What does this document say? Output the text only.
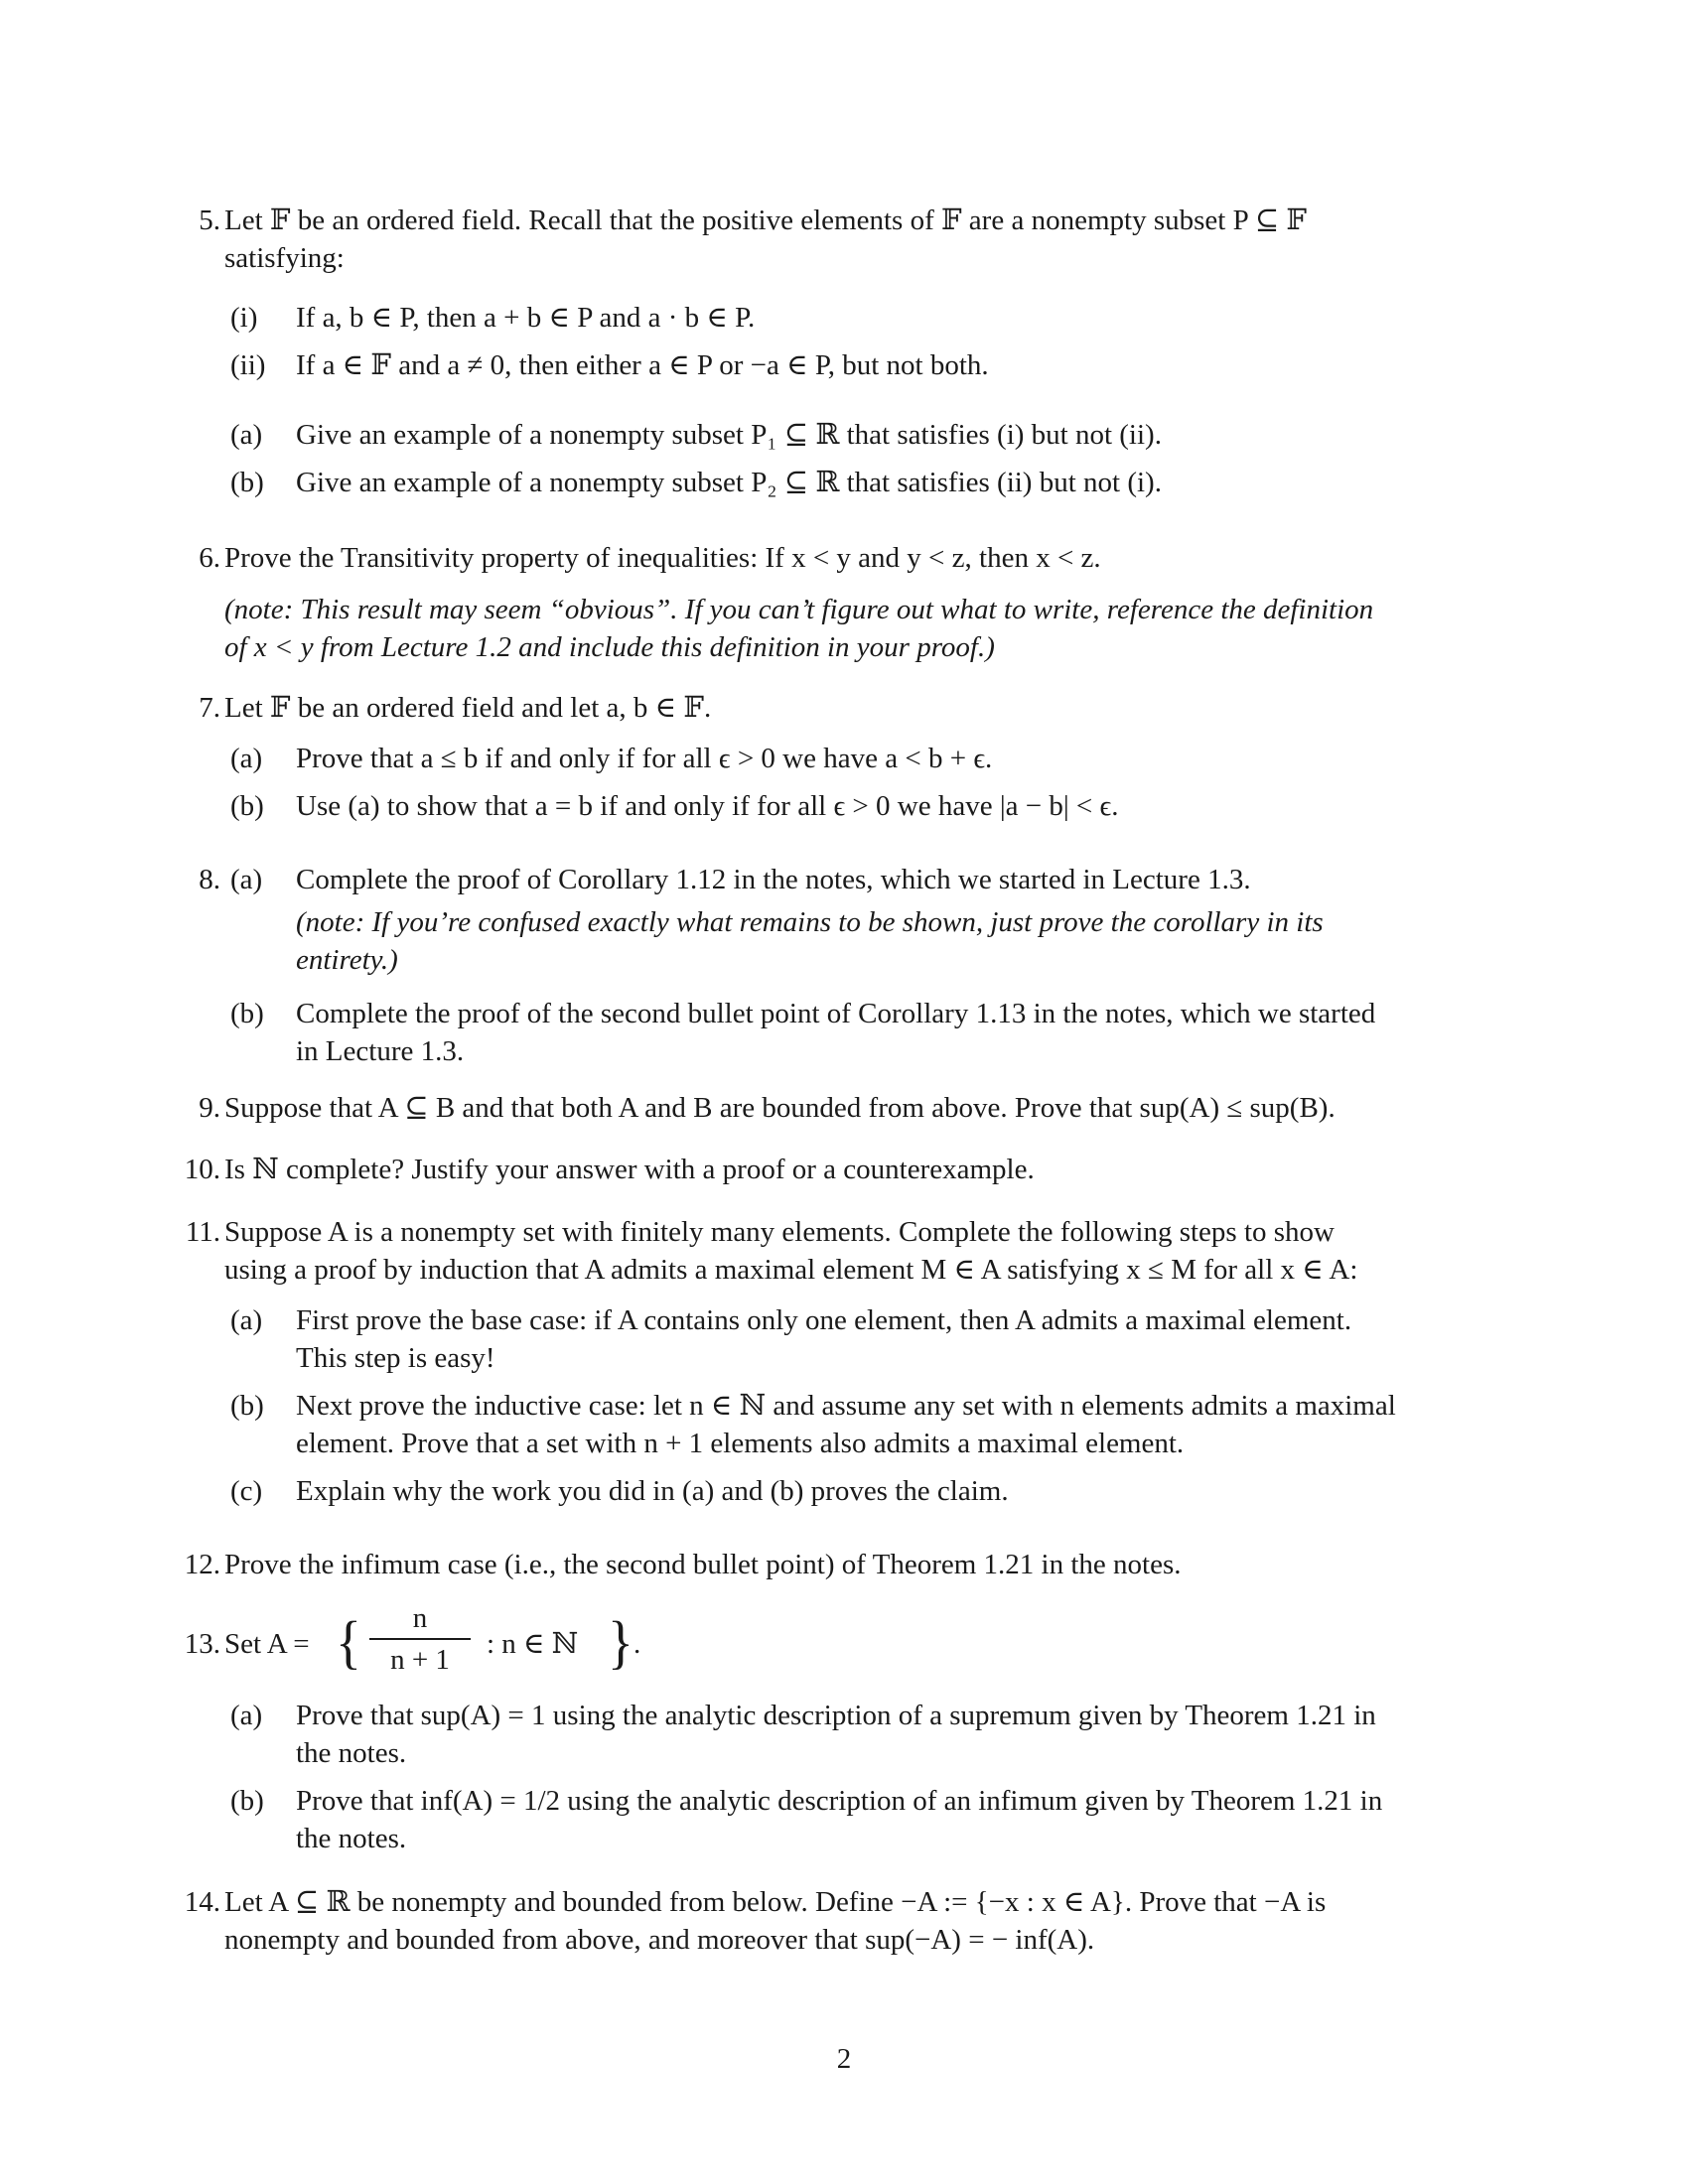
5. Let 𝔽 be an ordered field. Recall that the positive elements of 𝔽 are a nonempty subset P ⊆ 𝔽

satisfying:

(i)	If a, b ∈ P, then a + b ∈ P and a · b ∈ P.

(ii)	If a ∈ 𝔽 and a ≠ 0, then either a ∈ P or −a ∈ P, but not both.

(a)	Give an example of a nonempty subset P₁ ⊆ ℝ that satisfies (i) but not (ii).

(b)	Give an example of a nonempty subset P₂ ⊆ ℝ that satisfies (ii) but not (i).

6. Prove the Transitivity property of inequalities: If x < y and y < z, then x < z.

(note: This result may seem “obvious”. If you can’t figure out what to write, reference the definition

of x < y from Lecture 1.2 and include this definition in your proof.)

7. Let 𝔽 be an ordered field and let a, b ∈ 𝔽.

(a)	Prove that a ≤ b if and only if for all ϵ > 0 we have a < b + ϵ.

(b)	Use (a) to show that a = b if and only if for all ϵ > 0 we have |a − b| < ϵ.

8. (a)	Complete the proof of Corollary 1.12 in the notes, which we started in Lecture 1.3.

(note: If you’re confused exactly what remains to be shown, just prove the corollary in its

entirety.)

(b)	Complete the proof of the second bullet point of Corollary 1.13 in the notes, which we started

in Lecture 1.3.

9. Suppose that A ⊆ B and that both A and B are bounded from above. Prove that sup(A) ≤ sup(B).

10. Is ℕ complete? Justify your answer with a proof or a counterexample.

11. Suppose A is a nonempty set with finitely many elements. Complete the following steps to show

using a proof by induction that A admits a maximal element M ∈ A satisfying x ≤ M for all x ∈ A:

(a)	First prove the base case: if A contains only one element, then A admits a maximal element.

This step is easy!

(b)	Next prove the inductive case: let n ∈ ℕ and assume any set with n elements admits a maximal

element. Prove that a set with n + 1 elements also admits a maximal element.

(c)	Explain why the work you did in (a) and (b) proves the claim.

12. Prove the infimum case (i.e., the second bullet point) of Theorem 1.21 in the notes.

13. Set A = {	n
n + 1	: n ∈ ℕ } .

(a)	Prove that sup(A) = 1 using the analytic description of a supremum given by Theorem 1.21 in

the notes.

(b)	Prove that inf(A) = 1/2 using the analytic description of an infimum given by Theorem 1.21 in

the notes.

14. Let A ⊆ ℝ be nonempty and bounded from below. Define −A := {−x : x ∈ A}. Prove that −A is

nonempty and bounded from above, and moreover that sup(−A) = − inf(A).

2
